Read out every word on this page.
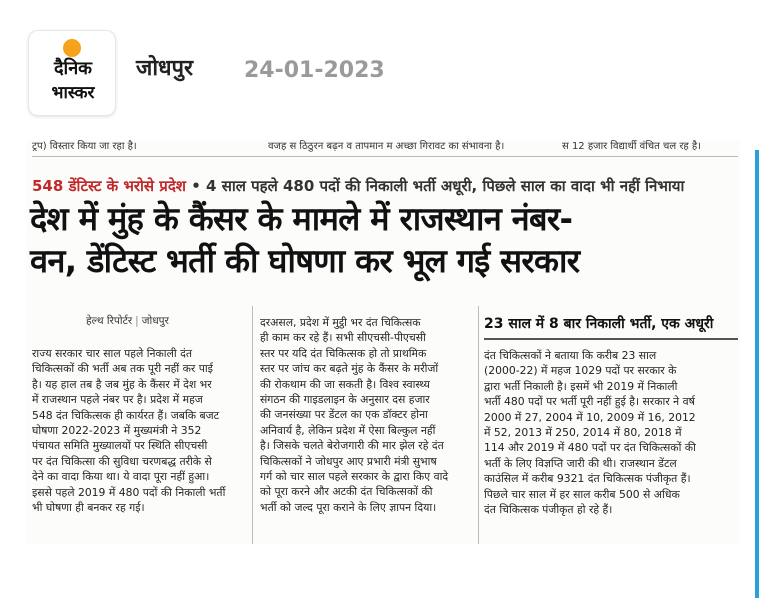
दैनिक
भास्कर
जोधपुर 24-01-2023
ट्रप) विस्तार किया जा रहा है।	वजह स ठिठुरन बढ़न व तापमान म अच्छा गिरावट का संभावना है।	स 12 हजार विद्यार्थी वंचित चल रह है।
548 डेंटिस्ट के भरोसे प्रदेश • 4 साल पहले 480 पदों की निकाली भर्ती अधूरी, पिछले साल का वादा भी नहीं निभाया
देश में मुंह के कैंसर के मामले में राजस्थान नंबर-
वन, डेंटिस्ट भर्ती की घोषणा कर भूल गई सरकार
हेल्थ रिपोर्टर | जोधपुर
राज्य सरकार चार साल पहले निकाली दंत
चिकित्सकों की भर्ती अब तक पूरी नहीं कर पाई
है। यह हाल तब है जब मुंह के कैंसर में देश भर
में राजस्थान पहले नंबर पर है। प्रदेश में महज
548 दंत चिकित्सक ही कार्यरत हैं। जबकि बजट
घोषणा 2022-2023 में मुख्यमंत्री ने 352
पंचायत समिति मुख्यालयों पर स्थिति सीएचसी
पर दंत चिकित्सा की सुविधा चरणबद्ध तरीके से
देने का वादा किया था। ये वादा पूरा नहीं हुआ।
इससे पहले 2019 में 480 पदों की निकाली भर्ती
भी घोषणा ही बनकर रह गई।
दरअसल, प्रदेश में मुट्ठी भर दंत चिकित्सक
ही काम कर रहे हैं। सभी सीएचसी-पीएचसी
स्तर पर यदि दंत चिकित्सक हो तो प्राथमिक
स्तर पर जांच कर बढ़ते मुंह के कैंसर के मरीजों
की रोकथाम की जा सकती है। विश्व स्वास्थ्य
संगठन की गाइडलाइन के अनुसार दस हजार
की जनसंख्या पर डेंटल का एक डॉक्टर होना
अनिवार्य है, लेकिन प्रदेश में ऐसा बिल्कुल नहीं
है। जिसके चलते बेरोजगारी की मार झेल रहे दंत
चिकित्सकों ने जोधपुर आए प्रभारी मंत्री सुभाष
गर्ग को चार साल पहले सरकार के द्वारा किए वादे
को पूरा करने और अटकी दंत चिकित्सकों की
भर्ती को जल्द पूरा कराने के लिए ज्ञापन दिया।
23 साल में 8 बार निकाली भर्ती, एक अधूरी
दंत चिकित्सकों ने बताया कि करीब 23 साल
(2000-22) में महज 1029 पदों पर सरकार के
द्वारा भर्ती निकाली है। इसमें भी 2019 में निकाली
भर्ती 480 पदों पर भर्ती पूरी नहीं हुई है। सरकार ने वर्ष
2000 में 27, 2004 में 10, 2009 में 16, 2012
में 52, 2013 में 250, 2014 में 80, 2018 में
114 और 2019 में 480 पदों पर दंत चिकित्सकों की
भर्ती के लिए विज्ञप्ति जारी की थी। राजस्थान डेंटल
काउंसिल में करीब 9321 दंत चिकित्सक पंजीकृत हैं।
पिछले चार साल में हर साल करीब 500 से अधिक
दंत चिकित्सक पंजीकृत हो रहे हैं।
